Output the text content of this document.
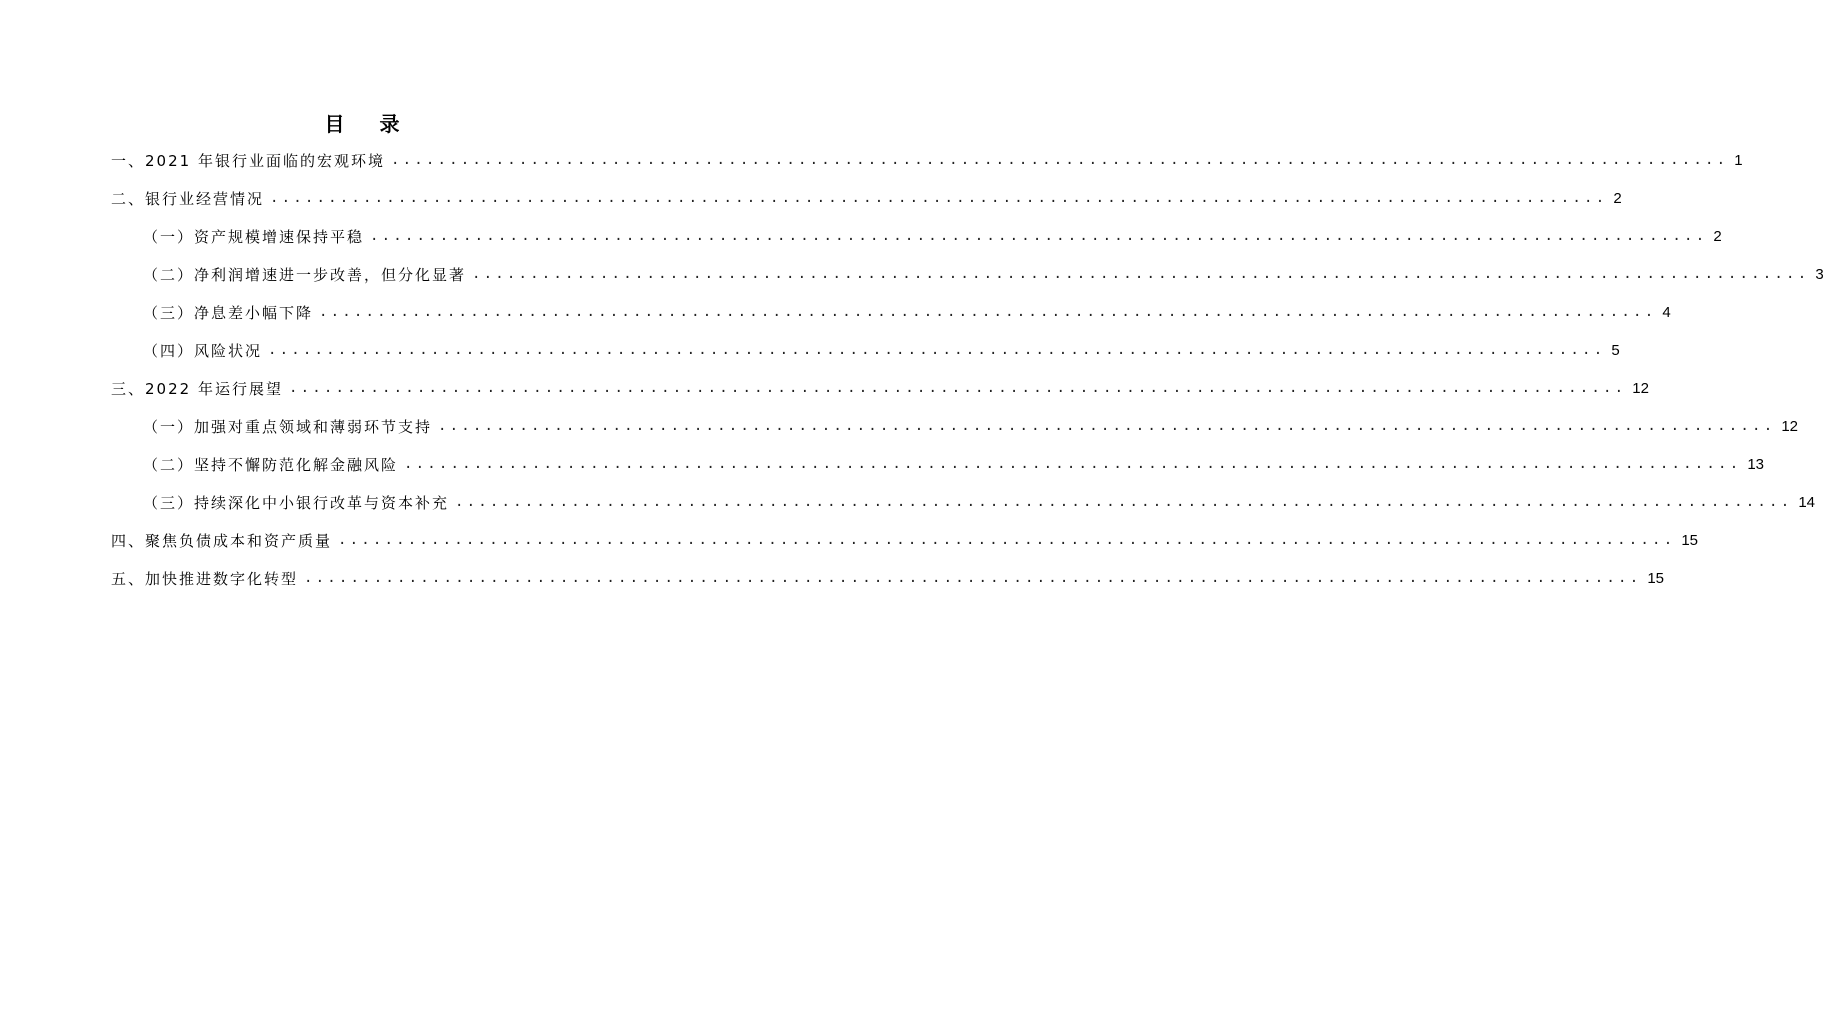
目 录
一、2021 年银行业面临的宏观环境 ................................................................................................................... 1
二、银行业经营情况 ................................................................................................................... 2
（一）资产规模增速保持平稳 ................................................................................................................... 2
（二）净利润增速进一步改善，但分化显著 ................................................................................................................... 3
（三）净息差小幅下降 ................................................................................................................... 4
（四）风险状况 ................................................................................................................... 5
三、2022 年运行展望 ................................................................................................................... 12
（一）加强对重点领域和薄弱环节支持 ................................................................................................................... 12
（二）坚持不懈防范化解金融风险 ................................................................................................................... 13
（三）持续深化中小银行改革与资本补充 ................................................................................................................... 14
四、聚焦负债成本和资产质量 ................................................................................................................... 15
五、加快推进数字化转型 ................................................................................................................... 15
